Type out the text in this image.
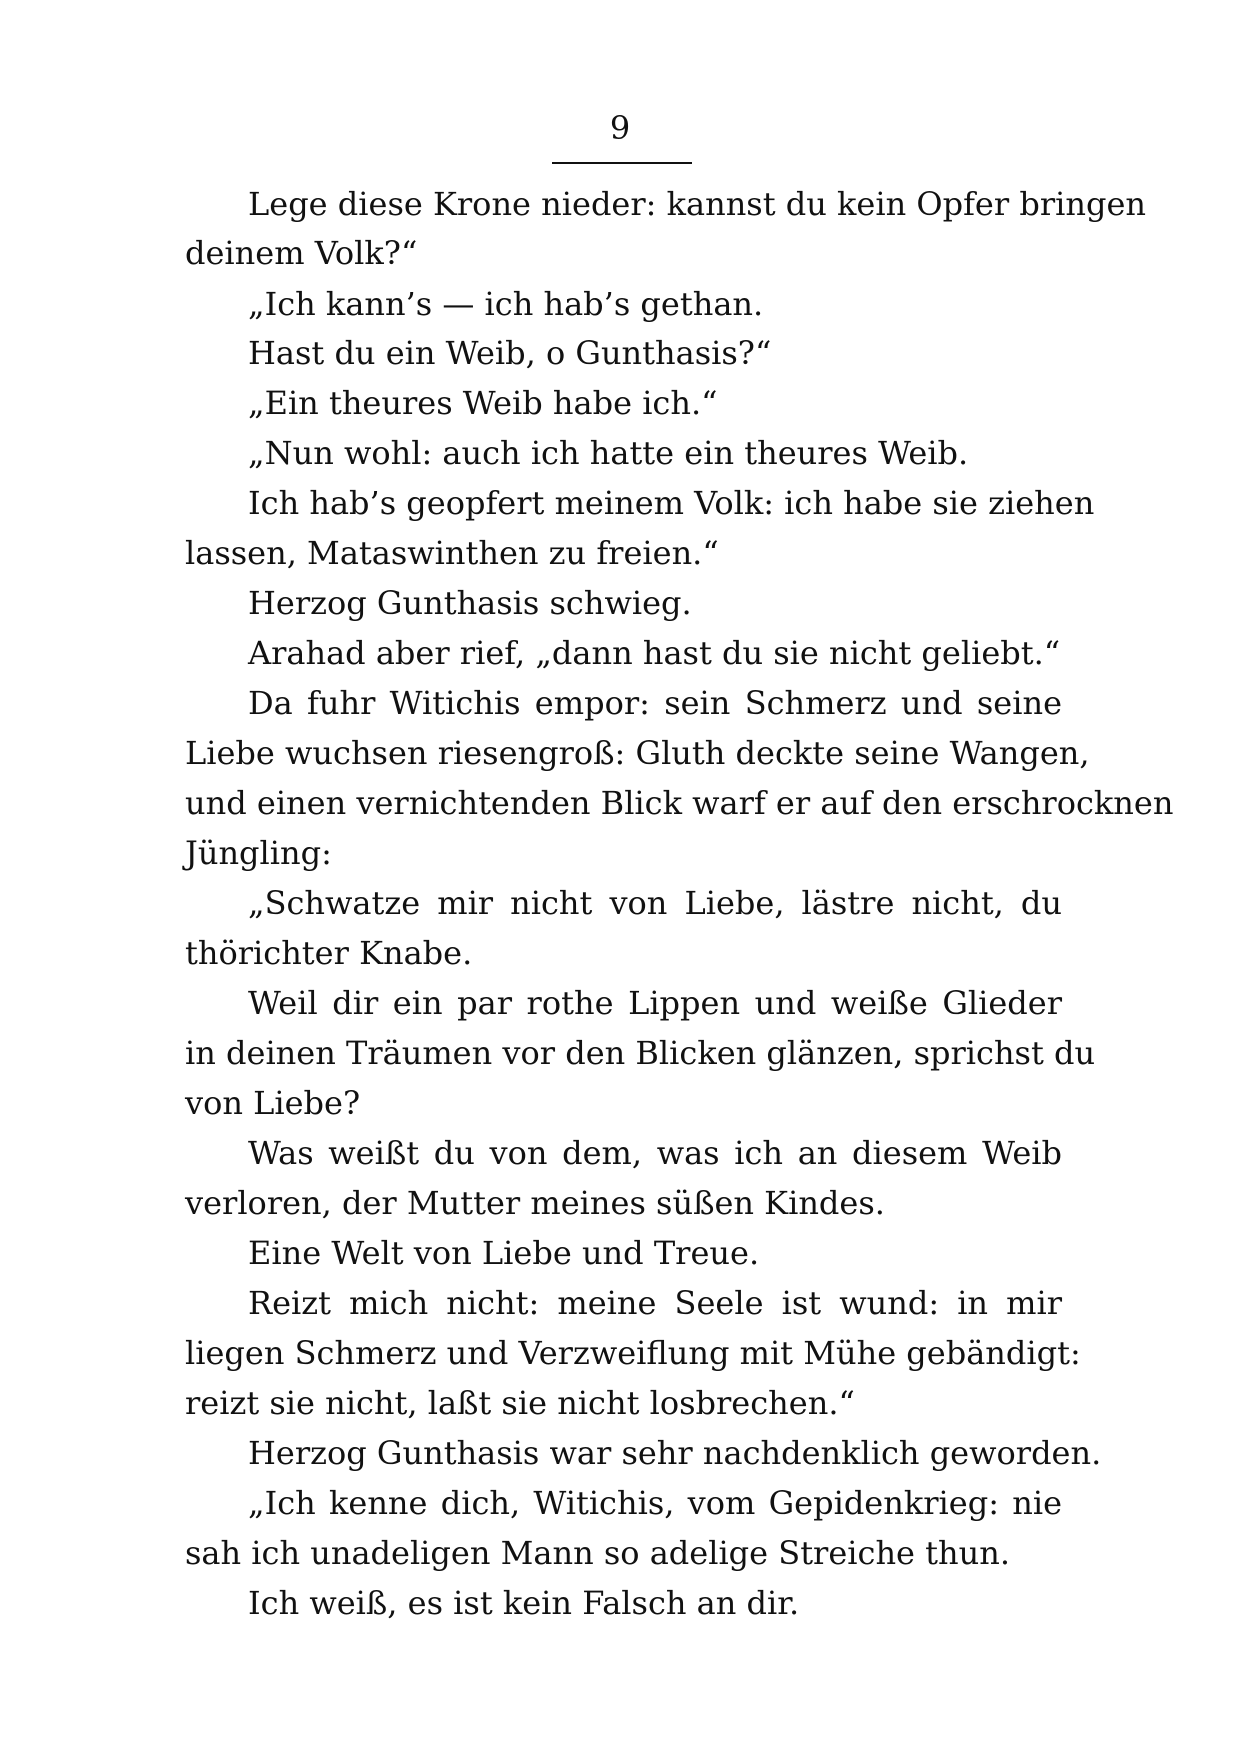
9
Lege diese Krone nieder: kannst du kein Opfer bringen
deinem Volk?“
„Ich kann’s — ich hab’s gethan.
Hast du ein Weib, o Gunthasis?“
„Ein theures Weib habe ich.“
„Nun wohl: auch ich hatte ein theures Weib.
Ich hab’s geopfert meinem Volk: ich habe sie ziehen
lassen, Mataswinthen zu freien.“
Herzog Gunthasis schwieg.
Arahad aber rief, „dann hast du sie nicht geliebt.“
Da fuhr Witichis empor: sein Schmerz und seine
Liebe wuchsen riesengroß: Gluth deckte seine Wangen,
und einen vernichtenden Blick warf er auf den erschrocknen
Jüngling:
„Schwatze mir nicht von Liebe, lästre nicht, du
thörichter Knabe.
Weil dir ein par rothe Lippen und weiße Glieder
in deinen Träumen vor den Blicken glänzen, sprichst du
von Liebe?
Was weißt du von dem, was ich an diesem Weib
verloren, der Mutter meines süßen Kindes.
Eine Welt von Liebe und Treue.
Reizt mich nicht: meine Seele ist wund: in mir
liegen Schmerz und Verzweiflung mit Mühe gebändigt:
reizt sie nicht, laßt sie nicht losbrechen.“
Herzog Gunthasis war sehr nachdenklich geworden.
„Ich kenne dich, Witichis, vom Gepidenkrieg: nie
sah ich unadeligen Mann so adelige Streiche thun.
Ich weiß, es ist kein Falsch an dir.
